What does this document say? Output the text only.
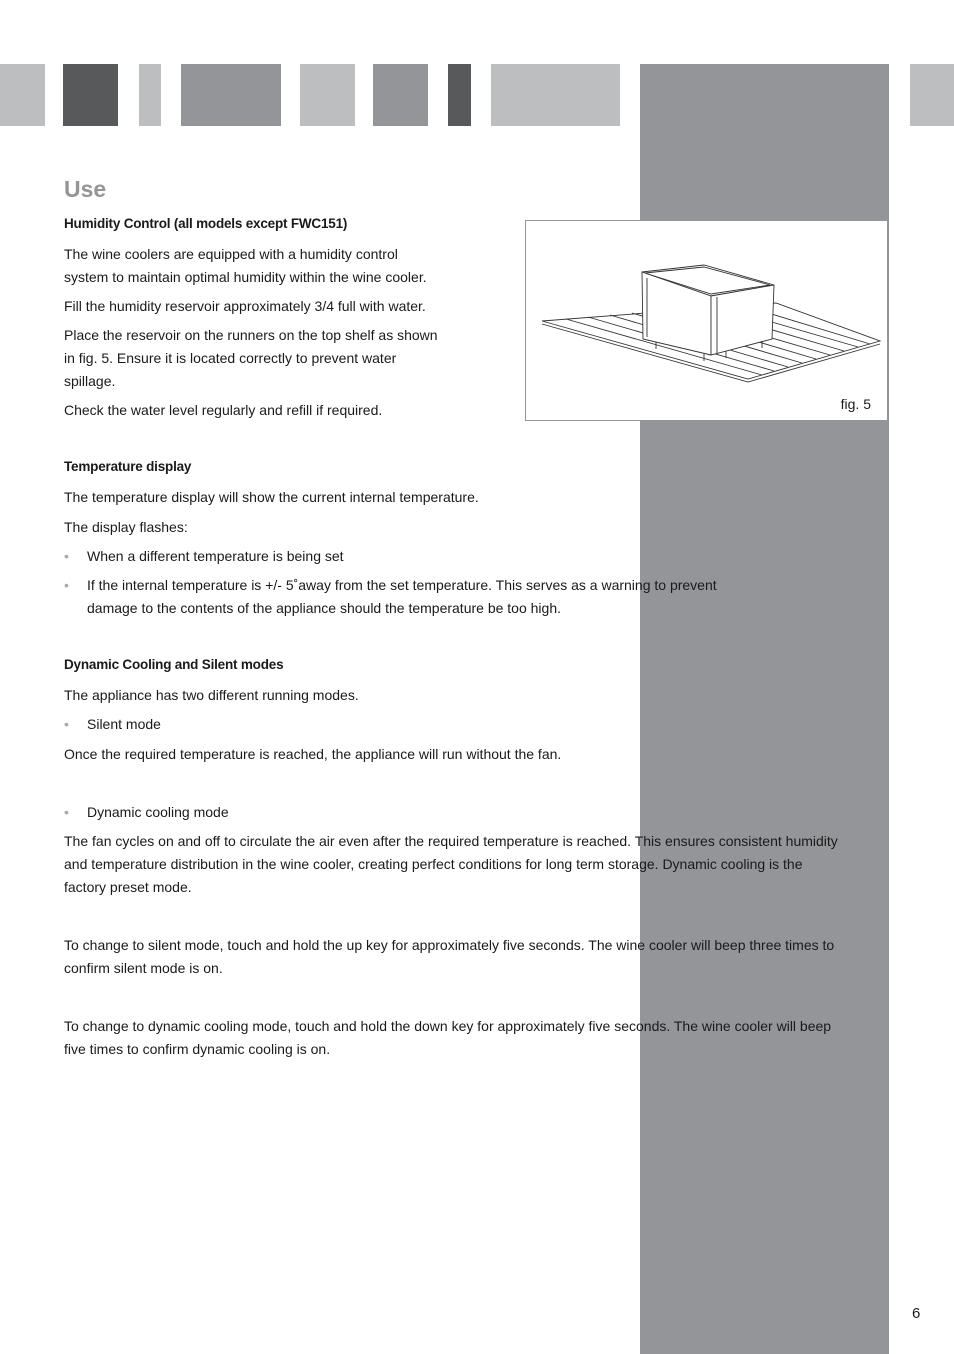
Use
Humidity Control (all models except FWC151)

The wine coolers are equipped with a humidity control system to maintain optimal humidity within the wine cooler.

Fill the humidity reservoir approximately 3/4 full with water.

Place the reservoir on the runners on the top shelf as shown in fig. 5. Ensure it is located correctly to prevent water spillage.

Check the water level regularly and refill if required.	fig. 5
Temperature display

The temperature display will show the current internal temperature.

The display flashes:

•	When a different temperature is being set
•	If the internal temperature is +/- 5˚away from the set temperature. This serves as a warning to prevent damage to the contents of the appliance should the temperature be too high.
Dynamic Cooling and Silent modes

The appliance has two different running modes.

•	Silent mode

Once the required temperature is reached, the appliance will run without the fan.

•	Dynamic cooling mode

The fan cycles on and off to circulate the air even after the required temperature is reached. This ensures consistent humidity and temperature distribution in the wine cooler, creating perfect conditions for long term storage. Dynamic cooling is the factory preset mode.

To change to silent mode, touch and hold the up key for approximately five seconds. The wine cooler will beep three times to confirm silent mode is on.

To change to dynamic cooling mode, touch and hold the down key for approximately five seconds. The wine cooler will beep five times to confirm dynamic cooling is on.

6
